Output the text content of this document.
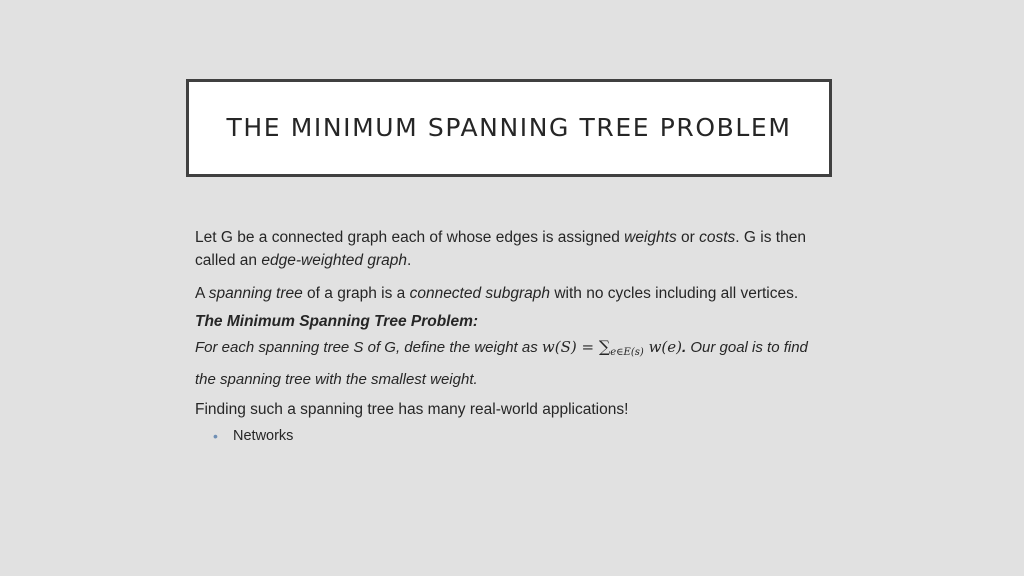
THE MINIMUM SPANNING TREE PROBLEM

Let G be a connected graph each of whose edges is assigned weights or costs. G is then called an edge-weighted graph.

A spanning tree of a graph is a connected subgraph with no cycles including all vertices.

The Minimum Spanning Tree Problem:
For each spanning tree S of G, define the weight as $w(S) = \sum_{e\in E(s)}$ w(e). Our goal is to find the spanning tree with the smallest weight.

Finding such a spanning tree has many real-world applications!

• Networks
